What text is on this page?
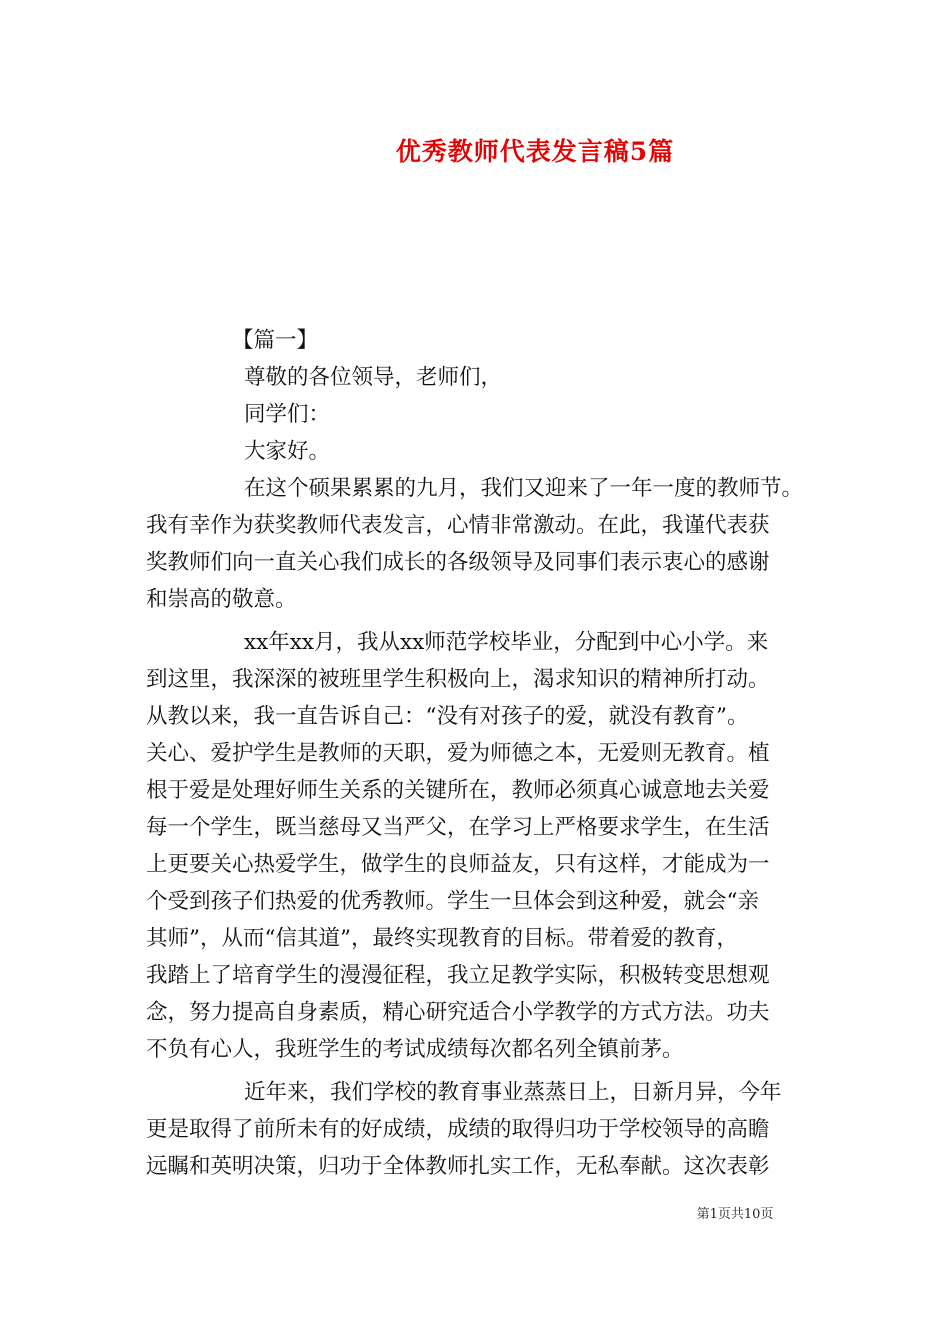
优秀教师代表发言稿5篇
【篇一】
尊敬的各位领导，老师们，
同学们：
大家好。
在这个硕果累累的九月，我们又迎来了一年一度的教师节。
我有幸作为获奖教师代表发言，心情非常激动。在此，我谨代表获
奖教师们向一直关心我们成长的各级领导及同事们表示衷心的感谢
和崇高的敬意。
xx年xx月，我从xx师范学校毕业，分配到中心小学。来
到这里，我深深的被班里学生积极向上，渴求知识的精神所打动。
从教以来，我一直告诉自己：“没有对孩子的爱，就没有教育”。
关心、爱护学生是教师的天职，爱为师德之本，无爱则无教育。植
根于爱是处理好师生关系的关键所在，教师必须真心诚意地去关爱
每一个学生，既当慈母又当严父，在学习上严格要求学生，在生活
上更要关心热爱学生，做学生的良师益友，只有这样，才能成为一
个受到孩子们热爱的优秀教师。学生一旦体会到这种爱，就会“亲
其师”，从而“信其道”，最终实现教育的目标。带着爱的教育，
我踏上了培育学生的漫漫征程，我立足教学实际，积极转变思想观
念，努力提高自身素质，精心研究适合小学教学的方式方法。功夫
不负有心人，我班学生的考试成绩每次都名列全镇前茅。
近年来，我们学校的教育事业蒸蒸日上，日新月异，今年
更是取得了前所未有的好成绩，成绩的取得归功于学校领导的高瞻
远瞩和英明决策，归功于全体教师扎实工作，无私奉献。这次表彰
第1页共10页
